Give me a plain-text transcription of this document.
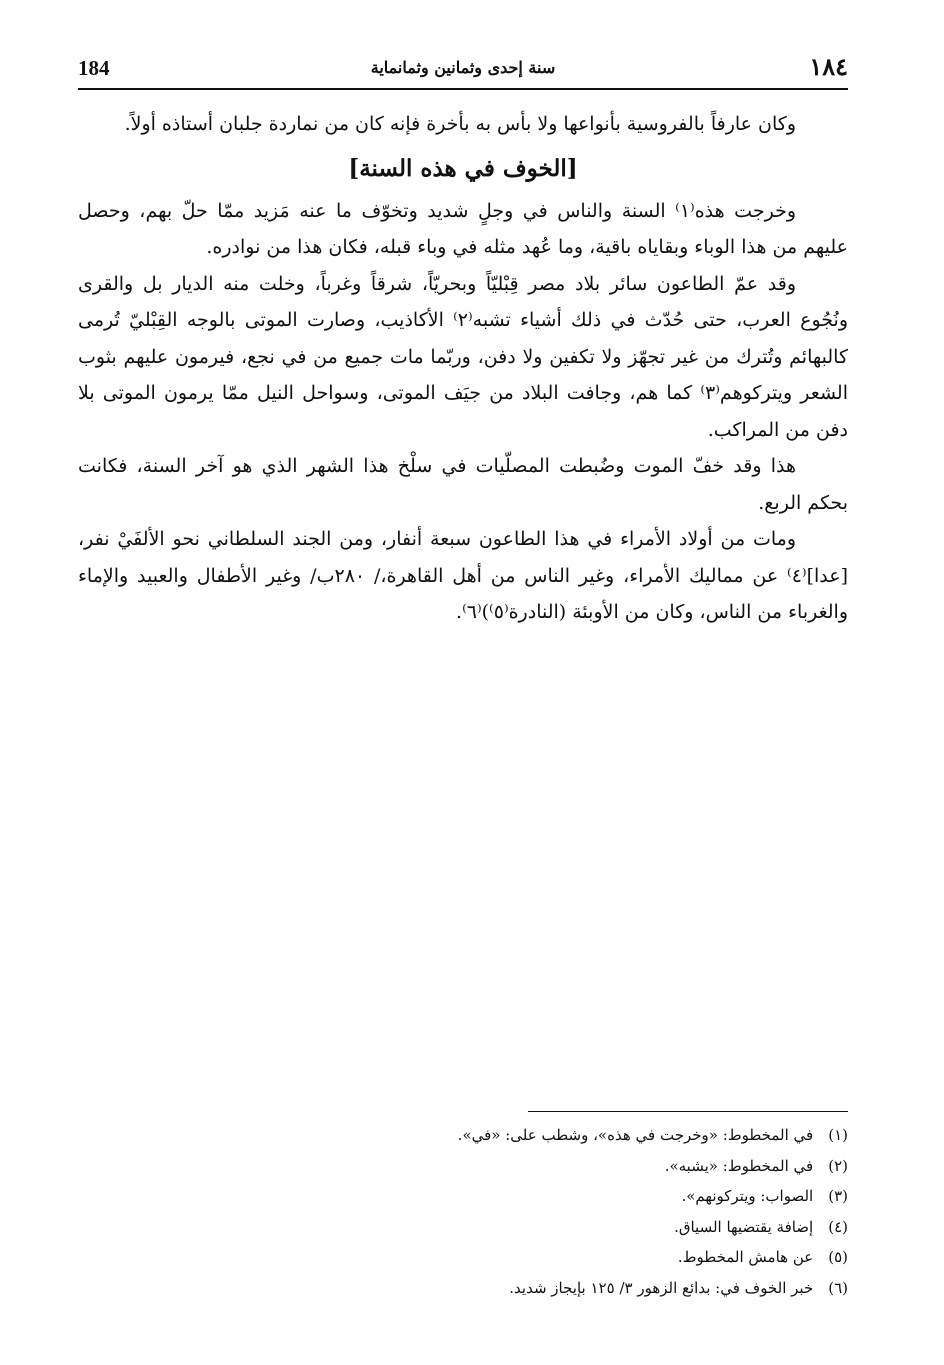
184	سنة إحدى وثمانين وثمانماية	١٨٤

وكان عارفاً بالفروسية بأنواعها ولا بأس به بأخرة فإنه كان من نماردة جلبان أستاذه أولاً.

[الخوف في هذه السنة]

وخرجت هذه⁽١⁾ السنة والناس في وجلٍ شديد وتخوّف ما عنه مَزيد ممّا حلّ بهم، وحصل عليهم من هذا الوباء وبقاياه باقية، وما عُهد مثله في وباء قبله، فكان هذا من نوادره.

وقد عمّ الطاعون سائر بلاد مصر قِبْليّاً وبحريّاً، شرقاً وغرباً، وخلت منه الديار بل والقرى ونُجُوع العرب، حتى حُدّث في ذلك أشياء تشبه⁽٢⁾ الأكاذيب، وصارت الموتى بالوجه القِبْليّ تُرمى كالبهائم وتُترك من غير تجهّز ولا تكفين ولا دفن، وربّما مات جميع من في نجع، فيرمون عليهم بثوب الشعر ويتركوهم⁽٣⁾ كما هم، وجافت البلاد من جيَف الموتى، وسواحل النيل ممّا يرمون الموتى بلا دفن من المراكب.

هذا وقد خفّ الموت وضُبطت المصلّيات في سلْخ هذا الشهر الذي هو آخر السنة، فكانت بحكم الربع.

ومات من أولاد الأمراء في هذا الطاعون سبعة أنفار، ومن الجند السلطاني نحو الألفَيْ نفر، [عدا]⁽٤⁾ عن مماليك الأمراء، وغير الناس من أهل القاهرة،/ ٢٨٠ب/ وغير الأطفال والعبيد والإماء والغرباء من الناس، وكان من الأوبئة (النادرة⁽٥⁾)⁽٦⁾.

(١) في المخطوط: «وخرجت في هذه»، وشطب على: «في».
(٢) في المخطوط: «يشبه».
(٣) الصواب: ويتركونهم».
(٤) إضافة يقتضيها السياق.
(٥) عن هامش المخطوط.
(٦) خبر الخوف في: بدائع الزهور ٣/ ١٢٥ بإيجاز شديد.
